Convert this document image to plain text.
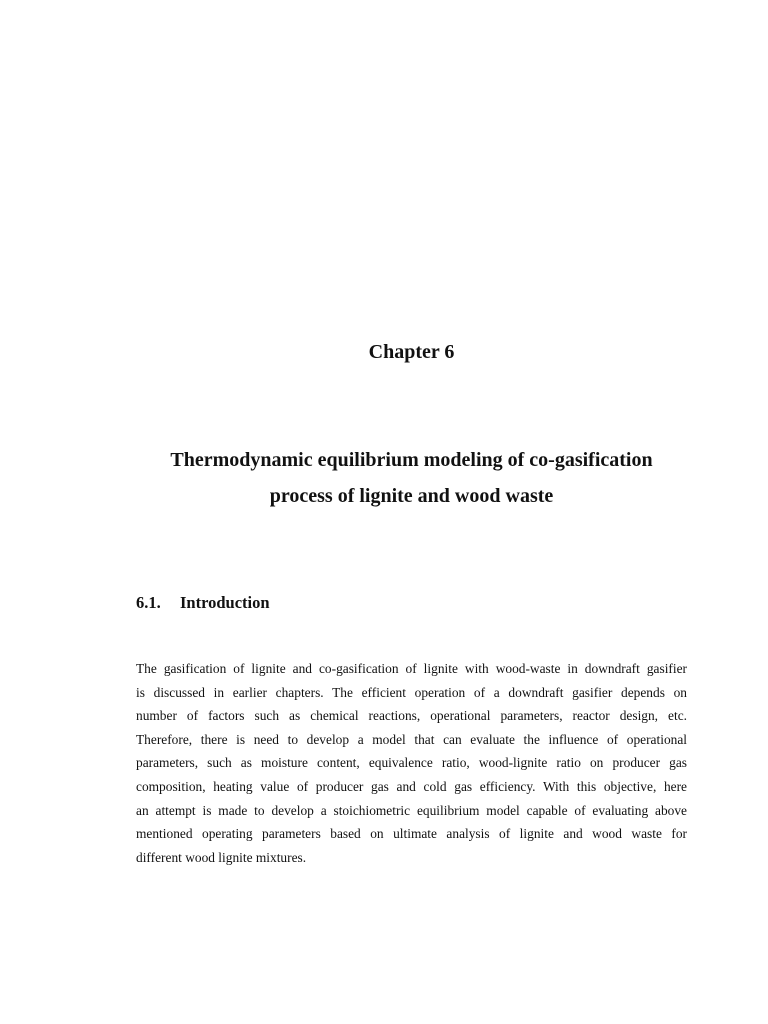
Chapter 6
Thermodynamic equilibrium modeling of co-gasification
process of lignite and wood waste
6.1. Introduction
The gasification of lignite and co-gasification of lignite with wood-waste in downdraft gasifier
is discussed in earlier chapters. The efficient operation of a downdraft gasifier depends on
number of factors such as chemical reactions, operational parameters, reactor design, etc.
Therefore, there is need to develop a model that can evaluate the influence of operational
parameters, such as moisture content, equivalence ratio, wood-lignite ratio on producer gas
composition, heating value of producer gas and cold gas efficiency. With this objective, here
an attempt is made to develop a stoichiometric equilibrium model capable of evaluating above
mentioned operating parameters based on ultimate analysis of lignite and wood waste for
different wood lignite mixtures.
